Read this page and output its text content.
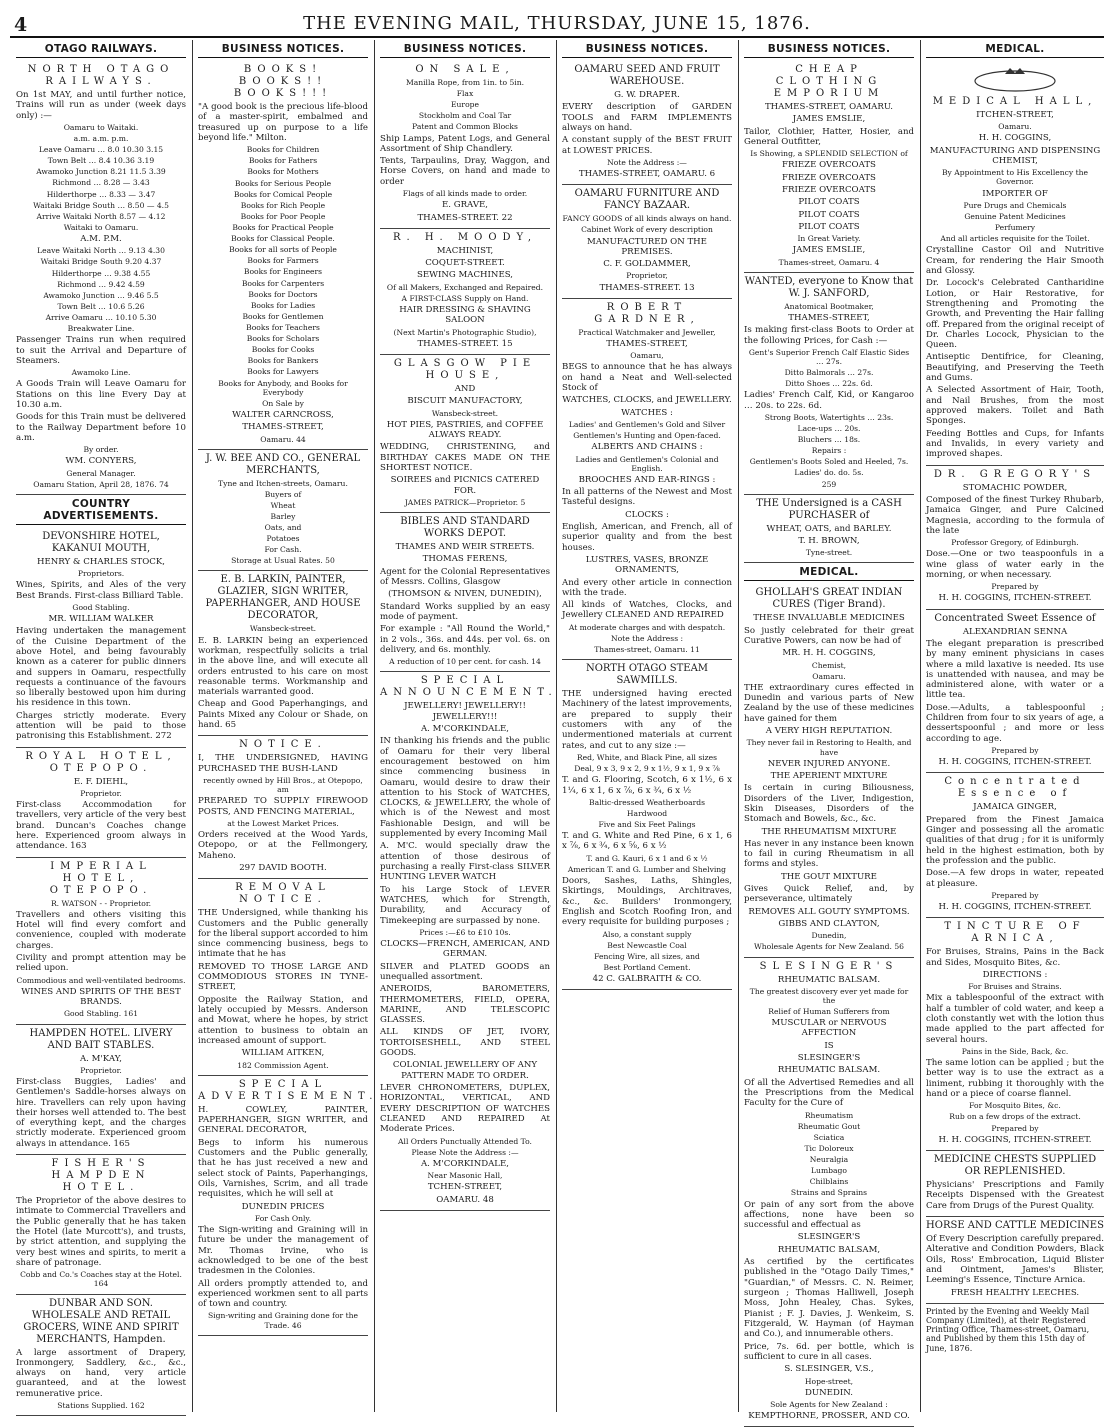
4	THE EVENING MAIL, THURSDAY, JUNE 15, 1876.
OTAGO RAILWAYS.
NORTH OTAGO RAILWAYS.
On 1st MAY, and until further notice, Trains will run as under (week days only) :—
Oamaru to Waitaki.
a.m. a.m. p.m.
Leave Oamaru … 8.0 10.30 3.15
Town Belt … 8.4 10.36 3.19
Awamoko Junction 8.21 11.5 3.39
Richmond … 8.28 — 3.43
Hilderthorpe … 8.33 — 3.47
Waitaki Bridge South … 8.50 — 4.5
Arrive Waitaki North 8.57 — 4.12
Waitaki to Oamaru.
A.M. P.M.
Leave Waitaki North … 9.13 4.30
Waitaki Bridge South 9.20 4.37
Hilderthorpe … 9.38 4.55
Richmond … 9.42 4.59
Awamoko Junction … 9.46 5.5
Town Belt … 10.6 5.26
Arrive Oamaru … 10.10 5.30
Breakwater Line.
Passenger Trains run when required to suit the Arrival and Departure of Steamers.
Awamoko Line.
A Goods Train will Leave Oamaru for Stations on this line Every Day at 10.30 a.m.
Goods for this Train must be delivered to the Railway Department before 10 a.m.
By order.
WM. CONYERS,
General Manager.
Oamaru Station, April 28, 1876. 74
COUNTRY ADVERTISEMENTS.
DEVONSHIRE HOTEL, KAKANUI MOUTH,
HENRY & CHARLES STOCK,
Proprietors.
Wines, Spirits, and Ales of the very Best Brands. First-class Billiard Table.
Good Stabling.
MR. WILLIAM WALKER
Having undertaken the management of the Cuisine Department of the above Hotel, and being favourably known as a caterer for public dinners and suppers in Oamaru, respectfully requests a continuance of the favours so liberally bestowed upon him during his residence in this town.
Charges strictly moderate. Every attention will be paid to those patronising this Establishment. 272
ROYAL HOTEL, OTEPOPO.
E. F. DIEHL,
Proprietor.
First-class Accommodation for travellers, very article of the very best brand. Duncan's Coaches change here. Experienced groom always in attendance. 163
IMPERIAL HOTEL, OTEPOPO.
R. WATSON - - Proprietor.
Travellers and others visiting this Hotel will find every comfort and convenience, coupled with moderate charges.
Civility and prompt attention may be relied upon.
Commodious and well-ventilated bedrooms.
WINES AND SPIRITS OF THE BEST BRANDS.
Good Stabling. 161
HAMPDEN HOTEL. LIVERY AND BAIT STABLES.
A. M'KAY,
Proprietor.
First-class Buggies, Ladies' and Gentlemen's Saddle-horses always on hire. Travellers can rely upon having their horses well attended to. The best of everything kept, and the charges strictly moderate. Experienced groom always in attendance. 165
FISHER'S HAMPDEN HOTEL.
The Proprietor of the above desires to intimate to Commercial Travellers and the Public generally that he has taken the Hotel (late Murcott's), and trusts, by strict attention, and supplying the very best wines and spirits, to merit a share of patronage.
Cobb and Co.'s Coaches stay at the Hotel. 164
DUNBAR AND SON. WHOLESALE AND RETAIL GROCERS, WINE AND SPIRIT MERCHANTS, Hampden.
A large assortment of Drapery, Ironmongery, Saddlery, &c., &c., always on hand, very article guaranteed, and at the lowest remunerative price.
Stations Supplied. 162
BUSINESS NOTICES.
BOOKS! BOOKS!! BOOKS!!!
"A good book is the precious life-blood of a master-spirit, embalmed and treasured up on purpose to a life beyond life." Milton.
Books for Children
Books for Fathers
Books for Mothers
Books for Serious People
Books for Comical People
Books for Rich People
Books for Poor People
Books for Practical People
Books for Classical People.
Books for all sorts of People
Books for Farmers
Books for Engineers
Books for Carpenters
Books for Doctors
Books for Ladies
Books for Gentlemen
Books for Teachers
Books for Scholars
Books for Cooks
Books for Bankers
Books for Lawyers
Books for Anybody, and Books for Everybody
On Sale by
WALTER CARNCROSS,
THAMES-STREET,
Oamaru. 44
J. W. BEE AND CO., GENERAL MERCHANTS,
Tyne and Itchen-streets, Oamaru.
Buyers of
Wheat
Barley
Oats, and
Potatoes
For Cash.
Storage at Usual Rates. 50
E. B. LARKIN, PAINTER, GLAZIER, SIGN WRITER, PAPERHANGER, AND HOUSE DECORATOR,
Wansbeck-street.
E. B. LARKIN being an experienced workman, respectfully solicits a trial in the above line, and will execute all orders entrusted to his care on most reasonable terms. Workmanship and materials warranted good.
Cheap and Good Paperhangings, and Paints Mixed any Colour or Shade, on hand. 65
NOTICE.
I, THE UNDERSIGNED, HAVING PURCHASED THE BUSH-LAND
recently owned by Hill Bros., at Otepopo, am
PREPARED TO SUPPLY FIREWOOD POSTS, AND FENCING MATERIAL,
at the Lowest Market Prices.
Orders received at the Wood Yards, Otepopo, or at the Fellmongery, Maheno.
297 DAVID BOOTH.
REMOVAL NOTICE.
THE Undersigned, while thanking his Customers and the Public generally for the liberal support accorded to him since commencing business, begs to intimate that he has
REMOVED TO THOSE LARGE AND COMMODIOUS STORES IN TYNE-STREET,
Opposite the Railway Station, and lately occupied by Messrs. Anderson and Mowat, where he hopes, by strict attention to business to obtain an increased amount of support.
WILLIAM AITKEN,
182 Commission Agent.
SPECIAL ADVERTISEMENT.
H. COWLEY, PAINTER, PAPERHANGER, SIGN WRITER, and GENERAL DECORATOR,
Begs to inform his numerous Customers and the Public generally, that he has just received a new and select stock of Paints, Paperhangings, Oils, Varnishes, Scrim, and all trade requisites, which he will sell at
DUNEDIN PRICES
For Cash Only.
The Sign-writing and Graining will in future be under the management of Mr. Thomas Irvine, who is acknowledged to be one of the best tradesmen in the Colonies.
All orders promptly attended to, and experienced workmen sent to all parts of town and country.
Sign-writing and Graining done for the Trade. 46
BUSINESS NOTICES.
ON SALE,
Manilla Rope, from 1in. to 5in.
Flax
Europe
Stockholm and Coal Tar
Patent and Common Blocks
Ship Lamps, Patent Logs, and General Assortment of Ship Chandlery.
Tents, Tarpaulins, Dray, Waggon, and Horse Covers, on hand and made to order
Flags of all kinds made to order.
E. GRAVE,
THAMES-STREET. 22
R. H. MOODY,
MACHINIST,
COQUET-STREET.
SEWING MACHINES,
Of all Makers, Exchanged and Repaired.
A FIRST-CLASS Supply on Hand.
HAIR DRESSING & SHAVING SALOON
(Next Martin's Photographic Studio),
THAMES-STREET. 15
GLASGOW PIE HOUSE,
AND
BISCUIT MANUFACTORY,
Wansbeck-street.
HOT PIES, PASTRIES, and COFFEE ALWAYS READY.
WEDDING, CHRISTENING, and BIRTHDAY CAKES MADE ON THE SHORTEST NOTICE.
SOIREES and PICNICS CATERED FOR.
JAMES PATRICK—Proprietor. 5
BIBLES AND STANDARD WORKS DEPOT.
THAMES AND WEIR STREETS.
THOMAS FERENS,
Agent for the Colonial Representatives of Messrs. Collins, Glasgow
(THOMSON & NIVEN, DUNEDIN),
Standard Works supplied by an easy mode of payment.
For example : "All Round the World," in 2 vols., 36s. and 44s. per vol. 6s. on delivery, and 6s. monthly.
A reduction of 10 per cent. for cash. 14
SPECIAL ANNOUNCEMENT.
JEWELLERY! JEWELLERY!! JEWELLERY!!!
A. M'CORKINDALE,
IN thanking his friends and the public of Oamaru for their very liberal encouragement bestowed on him since commencing business in Oamaru, would desire to draw their attention to his Stock of WATCHES, CLOCKS, & JEWELLERY, the whole of which is of the Newest and most Fashionable Design, and will be supplemented by every Incoming Mail
A. M'C. would specially draw the attention of those desirous of purchasing a really First-class SILVER HUNTING LEVER WATCH
To his Large Stock of LEVER WATCHES, which for Strength, Durability, and Accuracy of Timekeeping are surpassed by none.
Prices :—£6 to £10 10s.
CLOCKS—FRENCH, AMERICAN, AND GERMAN.
SILVER and PLATED GOODS an unequalled assortment.
ANEROIDS, BAROMETERS, THERMOMETERS, FIELD, OPERA, MARINE, AND TELESCOPIC GLASSES.
ALL KINDS OF JET, IVORY, TORTOISESHELL, AND STEEL GOODS.
COLONIAL JEWELLERY OF ANY PATTERN MADE TO ORDER.
LEVER CHRONOMETERS, DUPLEX, HORIZONTAL, VERTICAL, AND EVERY DESCRIPTION OF WATCHES CLEANED AND REPAIRED At Moderate Prices.
All Orders Punctually Attended To.
Please Note the Address :—
A. M'CORKINDALE,
Near Masonic Hall,
TCHEN-STREET,
OAMARU. 48
BUSINESS NOTICES.
OAMARU SEED AND FRUIT WAREHOUSE.
G. W. DRAPER.
EVERY description of GARDEN TOOLS and FARM IMPLEMENTS always on hand.
A constant supply of the BEST FRUIT at LOWEST PRICES.
Note the Address :—
THAMES-STREET, OAMARU. 6
OAMARU FURNITURE AND FANCY BAZAAR.
FANCY GOODS of all kinds always on hand.
Cabinet Work of every description
MANUFACTURED ON THE PREMISES.
C. F. GOLDAMMER,
Proprietor,
THAMES-STREET. 13
ROBERT GARDNER,
Practical Watchmaker and Jeweller,
THAMES-STREET,
Oamaru,
BEGS to announce that he has always on hand a Neat and Well-selected Stock of
WATCHES, CLOCKS, and JEWELLERY.
WATCHES :
Ladies' and Gentlemen's Gold and Silver
Gentlemen's Hunting and Open-faced.
ALBERTS AND CHAINS :
Ladies and Gentlemen's Colonial and English.
BROOCHES AND EAR-RINGS :
In all patterns of the Newest and Most Tasteful designs.
CLOCKS :
English, American, and French, all of superior quality and from the best houses.
LUSTRES, VASES, BRONZE ORNAMENTS,
And every other article in connection with the trade.
All kinds of Watches, Clocks, and Jewellery CLEANED AND REPAIRED
At moderate charges and with despatch.
Note the Address :
Thames-street, Oamaru. 11
NORTH OTAGO STEAM SAWMILLS.
THE undersigned having erected Machinery of the latest improvements, are prepared to supply their customers with any of the undermentioned materials at current rates, and cut to any size :—
Red, White, and Black Pine, all sizes
Deal, 9 x 3, 9 x 2, 9 x 1½, 9 x 1, 9 x ⅞
T. and G. Flooring, Scotch, 6 x 1½, 6 x 1¼, 6 x 1, 6 x ⅞, 6 x ¾, 6 x ½
Baltic-dressed Weatherboards
Hardwood
Five and Six Feet Palings
T. and G. White and Red Pine, 6 x 1, 6 x ⅞, 6 x ¾, 6 x ⅝, 6 x ½
T. and G. Kauri, 6 x 1 and 6 x ½
American T. and G. Lumber and Shelving
Doors, Sashes, Laths, Shingles, Skirtings, Mouldings, Architraves, &c., &c. Builders' Ironmongery, English and Scotch Roofing Iron, and every requisite for building purposes ;
Also, a constant supply
Best Newcastle Coal
Fencing Wire, all sizes, and
Best Portland Cement.
42 C. GALBRAITH & CO.
BUSINESS NOTICES.
CHEAP CLOTHING EMPORIUM
THAMES-STREET, OAMARU.
JAMES EMSLIE,
Tailor, Clothier, Hatter, Hosier, and General Outfitter,
Is Showing, a SPLENDID SELECTION of
FRIEZE OVERCOATS
FRIEZE OVERCOATS
FRIEZE OVERCOATS
PILOT COATS
PILOT COATS
PILOT COATS
In Great Variety.
JAMES EMSLIE,
Thames-street, Oamaru. 4
WANTED, everyone to Know that W. J. SANFORD,
Anatomical Bootmaker,
THAMES-STREET,
Is making first-class Boots to Order at the following Prices, for Cash :—
Gent's Superior French Calf Elastic Sides … 27s.
Ditto Balmorals … 27s.
Ditto Shoes … 22s. 6d.
Ladies' French Calf, Kid, or Kangaroo … 20s. to 22s. 6d.
Strong Boots, Watertights … 23s.
Lace-ups … 20s.
Bluchers … 18s.
Repairs :
Gentlemen's Boots Soled and Heeled, 7s.
Ladies' do. do. 5s.
259
THE Undersigned is a CASH PURCHASER of
WHEAT, OATS, and BARLEY.
T. H. BROWN,
Tyne-street.
MEDICAL.
GHOLLAH'S GREAT INDIAN CURES (Tiger Brand).
THESE INVALUABLE MEDICINES
So justly celebrated for their great Curative Powers, can now be had of
MR. H. H. COGGINS,
Chemist,
Oamaru.
THE extraordinary cures effected in Dunedin and various parts of New Zealand by the use of these medicines have gained for them
A VERY HIGH REPUTATION.
They never fail in Restoring to Health, and have
NEVER INJURED ANYONE.
THE APERIENT MIXTURE
Is certain in curing Biliousness, Disorders of the Liver, Indigestion, Skin Diseases, Disorders of the Stomach and Bowels, &c., &c.
THE RHEUMATISM MIXTURE
Has never in any instance been known to fail in curing Rheumatism in all forms and styles.
THE GOUT MIXTURE
Gives Quick Relief, and, by perseverance, ultimately
REMOVES ALL GOUTY SYMPTOMS.
GIBBS AND CLAYTON,
Dunedin,
Wholesale Agents for New Zealand. 56
SLESINGER'S
RHEUMATIC BALSAM.
The greatest discovery ever yet made for the
Relief of Human Sufferers from
MUSCULAR or NERVOUS AFFECTION
IS
SLESINGER'S
RHEUMATIC BALSAM.
Of all the Advertised Remedies and all the Prescriptions from the Medical Faculty for the Cure of
Rheumatism
Rheumatic Gout
Sciatica
Tic Doloreux
Neuralgia
Lumbago
Chilblains
Strains and Sprains
Or pain of any sort from the above affections, none have been so successful and effectual as
SLESINGER'S
RHEUMATIC BALSAM,
As certified by the certificates published in the "Otago Daily Times," "Guardian," of Messrs. C. N. Reimer, surgeon ; Thomas Halliwell, Joseph Moss, John Healey, Chas. Sykes, Pianist ; F. J. Davies, J. Wenkeim, S. Fitzgerald, W. Hayman (of Hayman and Co.), and innumerable others.
Price, 7s. 6d. per bottle, which is sufficient to cure in all cases.
S. SLESINGER, V.S.,
Hope-street,
DUNEDIN.
Sole Agents for New Zealand :
KEMPTHORNE, PROSSER, AND CO.
MEDICAL.
MEDICAL HALL,
ITCHEN-STREET,
Oamaru.
H. H. COGGINS,
MANUFACTURING AND DISPENSING CHEMIST,
By Appointment to His Excellency the Governor.
IMPORTER OF
Pure Drugs and Chemicals
Genuine Patent Medicines
Perfumery
And all articles requisite for the Toilet.
Crystalline Castor Oil and Nutritive Cream, for rendering the Hair Smooth and Glossy.
Dr. Locock's Celebrated Cantharidine Lotion, or Hair Restorative, for Strengthening and Promoting the Growth, and Preventing the Hair falling off. Prepared from the original receipt of Dr. Charles Locock, Physician to the Queen.
Antiseptic Dentifrice, for Cleaning, Beautifying, and Preserving the Teeth and Gums.
A Selected Assortment of Hair, Tooth, and Nail Brushes, from the most approved makers. Toilet and Bath Sponges.
Feeding Bottles and Cups, for Infants and Invalids, in every variety and improved shapes.
DR. GREGORY'S
STOMACHIC POWDER,
Composed of the finest Turkey Rhubarb, Jamaica Ginger, and Pure Calcined Magnesia, according to the formula of the late
Professor Gregory, of Edinburgh.
Dose.—One or two teaspoonfuls in a wine glass of water early in the morning, or when necessary.
Prepared by
H. H. COGGINS, ITCHEN-STREET.
Concentrated Sweet Essence of
ALEXANDRIAN SENNA
The elegant preparation is prescribed by many eminent physicians in cases where a mild laxative is needed. Its use is unattended with nausea, and may be administered alone, with water or a little tea.
Dose.—Adults, a tablespoonful ; Children from four to six years of age, a dessertspoonful ; and more or less according to age.
Prepared by
H. H. COGGINS, ITCHEN-STREET.
Concentrated Essence of
JAMAICA GINGER,
Prepared from the Finest Jamaica Ginger and possessing all the aromatic qualities of that drug ; for it is uniformly held in the highest estimation, both by the profession and the public.
Dose.—A few drops in water, repeated at pleasure.
Prepared by
H. H. COGGINS, ITCHEN-STREET.
TINCTURE OF ARNICA,
For Bruises, Strains, Pains in the Back and Sides, Mosquito Bites, &c.
DIRECTIONS :
For Bruises and Strains.
Mix a tablespoonful of the extract with half a tumbler of cold water, and keep a cloth constantly wet with the lotion thus made applied to the part affected for several hours.
Pains in the Side, Back, &c.
The same lotion can be applied ; but the better way is to use the extract as a liniment, rubbing it thoroughly with the hand or a piece of coarse flannel.
For Mosquito Bites, &c.
Rub on a few drops of the extract.
Prepared by
H. H. COGGINS, ITCHEN-STREET.
MEDICINE CHESTS SUPPLIED OR REPLENISHED.
Physicians' Prescriptions and Family Receipts Dispensed with the Greatest Care from Drugs of the Purest Quality.
HORSE AND CATTLE MEDICINES
Of Every Description carefully prepared. Alterative and Condition Powders, Black Oils, Ross' Embrocation, Liquid Blister and Ointment, James's Blister, Leeming's Essence, Tincture Arnica.
FRESH HEALTHY LEECHES.
Printed by the Evening and Weekly Mail Company (Limited), at their Registered Printing Office, Thames-street, Oamaru, and Published by them this 15th day of June, 1876.
